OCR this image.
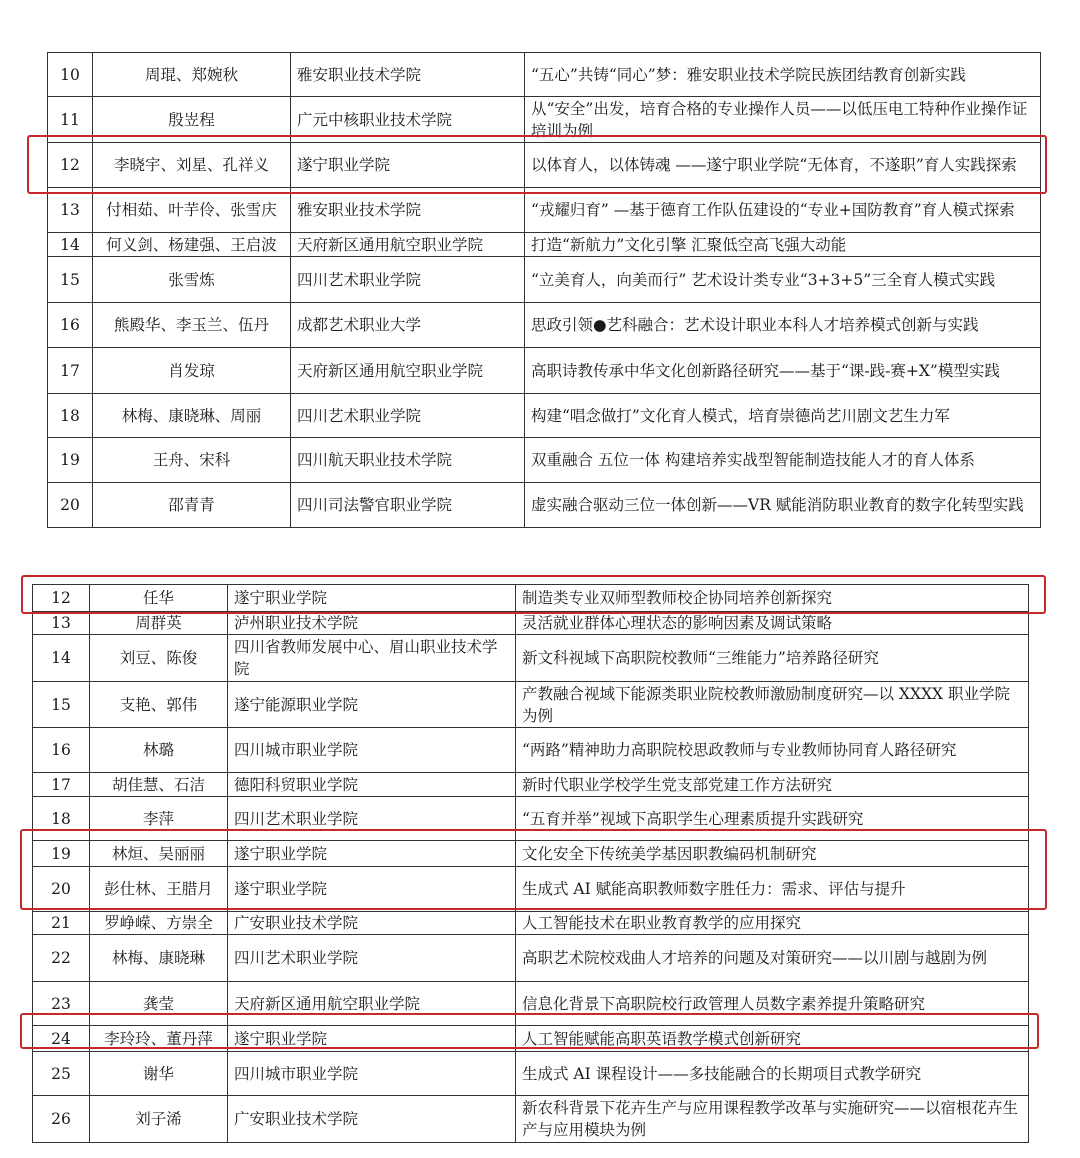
10	周琨、郑婉秋	雅安职业技术学院	“五心”共铸“同心”梦：雅安职业技术学院民族团结教育创新实践
11	殷岦程	广元中核职业技术学院	从“安全”出发，培育合格的专业操作人员——以低压电工特种作业操作证培训为例
12	李晓宇、刘星、孔祥义	遂宁职业学院	以体育人，以体铸魂 ——遂宁职业学院“无体育，不遂职”育人实践探索
13	付相茹、叶芋伶、张雪庆	雅安职业技术学院	“戎耀归育” —基于德育工作队伍建设的“专业+国防教育”育人模式探索
14	何义剑、杨建强、王启波	天府新区通用航空职业学院	打造“新航力”文化引擎 汇聚低空高飞强大动能
15	张雪炼	四川艺术职业学院	“立美育人，向美而行” 艺术设计类专业“3+3+5”三全育人模式实践
16	熊殿华、李玉兰、伍丹	成都艺术职业大学	思政引领●艺科融合：艺术设计职业本科人才培养模式创新与实践
17	肖发琼	天府新区通用航空职业学院	高职诗教传承中华文化创新路径研究——基于“课-践-赛+X”模型实践
18	林梅、康晓琳、周丽	四川艺术职业学院	构建“唱念做打”文化育人模式，培育崇德尚艺川剧文艺生力军
19	王舟、宋科	四川航天职业技术学院	双重融合 五位一体 构建培养实战型智能制造技能人才的育人体系
20	邵青青	四川司法警官职业学院	虚实融合驱动三位一体创新——VR 赋能消防职业教育的数字化转型实践
12	任华	遂宁职业学院	制造类专业双师型教师校企协同培养创新探究
13	周群英	泸州职业技术学院	灵活就业群体心理状态的影响因素及调试策略
14	刘豆、陈俊	四川省教师发展中心、眉山职业技术学院	新文科视域下高职院校教师“三维能力”培养路径研究
15	支艳、郭伟	遂宁能源职业学院	产教融合视域下能源类职业院校教师激励制度研究—以 XXXX 职业学院为例
16	林璐	四川城市职业学院	“两路”精神助力高职院校思政教师与专业教师协同育人路径研究
17	胡佳慧、石洁	德阳科贸职业学院	新时代职业学校学生党支部党建工作方法研究
18	李萍	四川艺术职业学院	“五育并举”视域下高职学生心理素质提升实践研究
19	林烜、吴丽丽	遂宁职业学院	文化安全下传统美学基因职教编码机制研究
20	彭仕林、王腊月	遂宁职业学院	生成式 AI 赋能高职教师数字胜任力：需求、评估与提升
21	罗峥嵘、方崇全	广安职业技术学院	人工智能技术在职业教育教学的应用探究
22	林梅、康晓琳	四川艺术职业学院	高职艺术院校戏曲人才培养的问题及对策研究——以川剧与越剧为例
23	龚莹	天府新区通用航空职业学院	信息化背景下高职院校行政管理人员数字素养提升策略研究
24	李玲玲、董丹萍	遂宁职业学院	人工智能赋能高职英语教学模式创新研究
25	谢华	四川城市职业学院	生成式 AI 课程设计——多技能融合的长期项目式教学研究
26	刘子浠	广安职业技术学院	新农科背景下花卉生产与应用课程教学改革与实施研究——以宿根花卉生产与应用模块为例
